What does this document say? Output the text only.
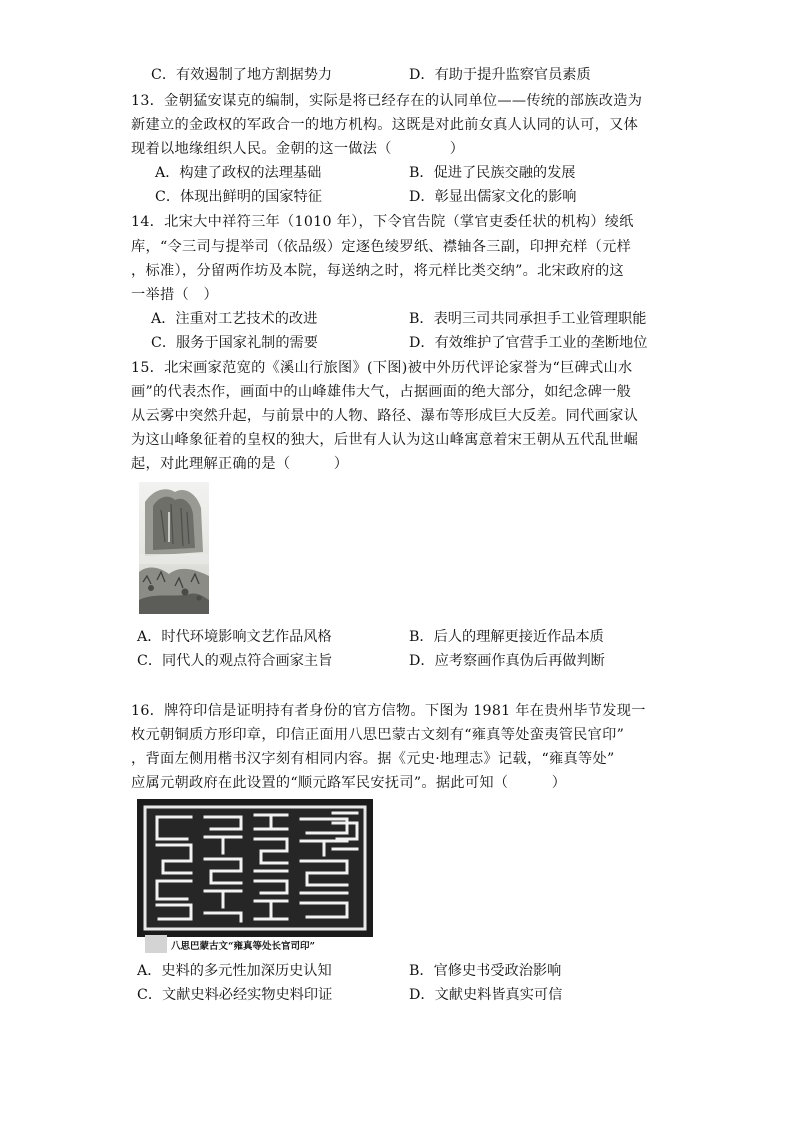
C．有效遏制了地方割据势力	D．有助于提升监察官员素质
13．金朝猛安谋克的编制，实际是将已经存在的认同单位——传统的部族改造为
新建立的金政权的军政合一的地方机构。这既是对此前女真人认同的认可，又体
现着以地缘组织人民。金朝的这一做法（　　　　）
A．构建了政权的法理基础	B．促进了民族交融的发展
C．体现出鲜明的国家特征	D．彰显出儒家文化的影响
14．北宋大中祥符三年（1010 年），下令官告院（掌官吏委任状的机构）绫纸
库，“令三司与提举司（依品级）定逐色绫罗纸、襟轴各三副，印押充样（元样
，标准），分留两作坊及本院，每送纳之时，将元样比类交纳”。北宋政府的这
一举措（　）
A．注重对工艺技术的改进	B．表明三司共同承担手工业管理职能
C．服务于国家礼制的需要	D．有效维护了官营手工业的垄断地位
15．北宋画家范宽的《溪山行旅图》(下图)被中外历代评论家誉为“巨碑式山水
画”的代表杰作，画面中的山峰雄伟大气，占据画面的绝大部分，如纪念碑一般
从云雾中突然升起，与前景中的人物、路径、瀑布等形成巨大反差。同代画家认
为这山峰象征着的皇权的独大，后世有人认为这山峰寓意着宋王朝从五代乱世崛
起，对此理解正确的是（　　　）
A．时代环境影响文艺作品风格	B．后人的理解更接近作品本质
C．同代人的观点符合画家主旨	D．应考察画作真伪后再做判断
16．牌符印信是证明持有者身份的官方信物。下图为 1981 年在贵州毕节发现一
枚元朝铜质方形印章，印信正面用八思巴蒙古文刻有“雍真等处蛮夷管民官印”
，背面左侧用楷书汉字刻有相同内容。据《元史·地理志》记载，“雍真等处”
应属元朝政府在此设置的“顺元路军民安抚司”。据此可知（　　　）
八思巴蒙古文“雍真等处长官司印”
A．史料的多元性加深历史认知	B．官修史书受政治影响
C．文献史料必经实物史料印证	D．文献史料皆真实可信
